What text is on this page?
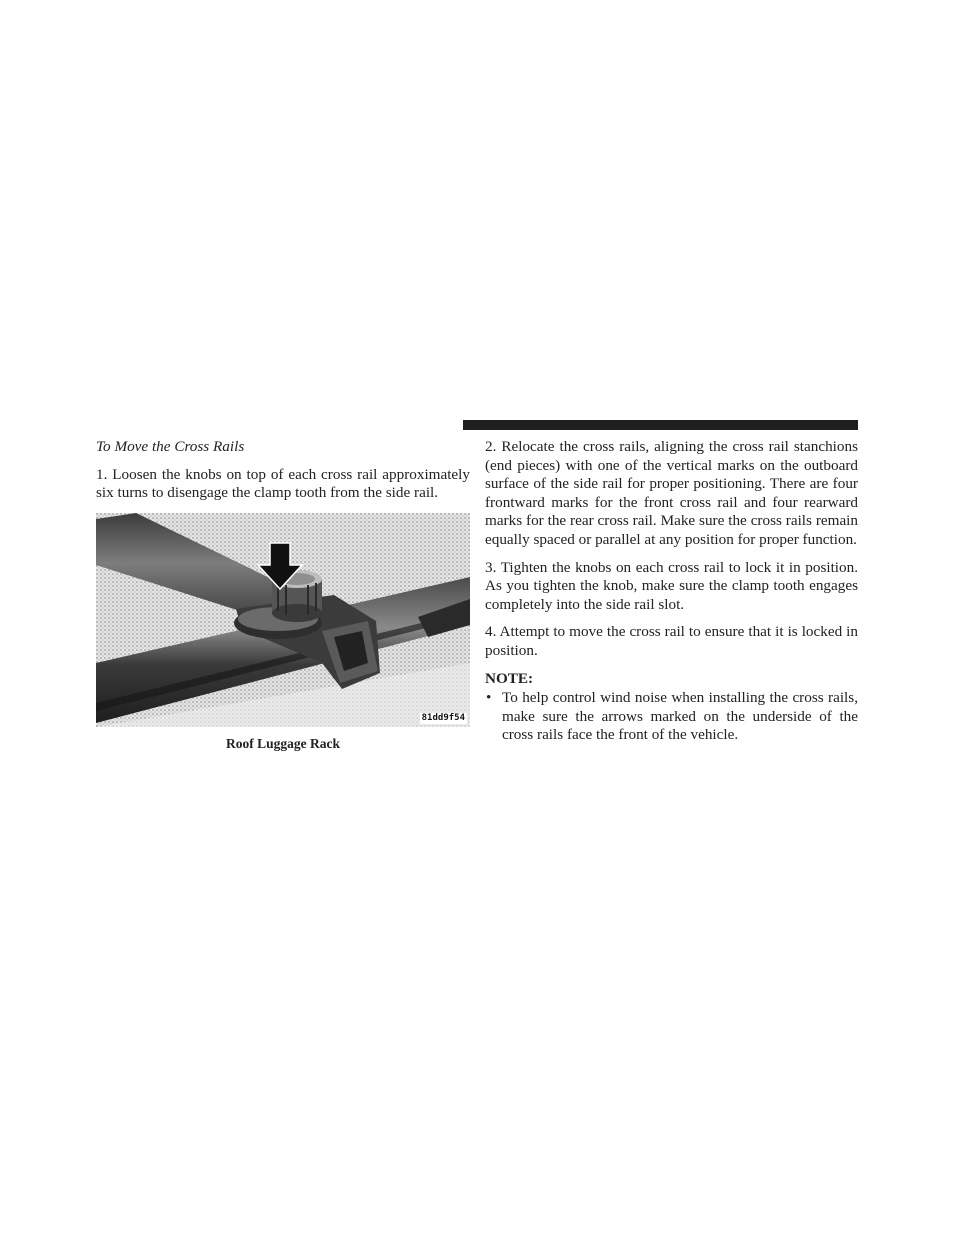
To Move the Cross Rails

1. Loosen the knobs on top of each cross rail approximately six turns to disengage the clamp tooth from the side rail.

81dd9f54
Roof Luggage Rack

2. Relocate the cross rails, aligning the cross rail stanchions (end pieces) with one of the vertical marks on the outboard surface of the side rail for proper positioning. There are four frontward marks for the front cross rail and four rearward marks for the rear cross rail. Make sure the cross rails remain equally spaced or parallel at any position for proper function.

3. Tighten the knobs on each cross rail to lock it in position. As you tighten the knob, make sure the clamp tooth engages completely into the side rail slot.

4. Attempt to move the cross rail to ensure that it is locked in position.

NOTE:
• To help control wind noise when installing the cross rails, make sure the arrows marked on the underside of the cross rails face the front of the vehicle.
